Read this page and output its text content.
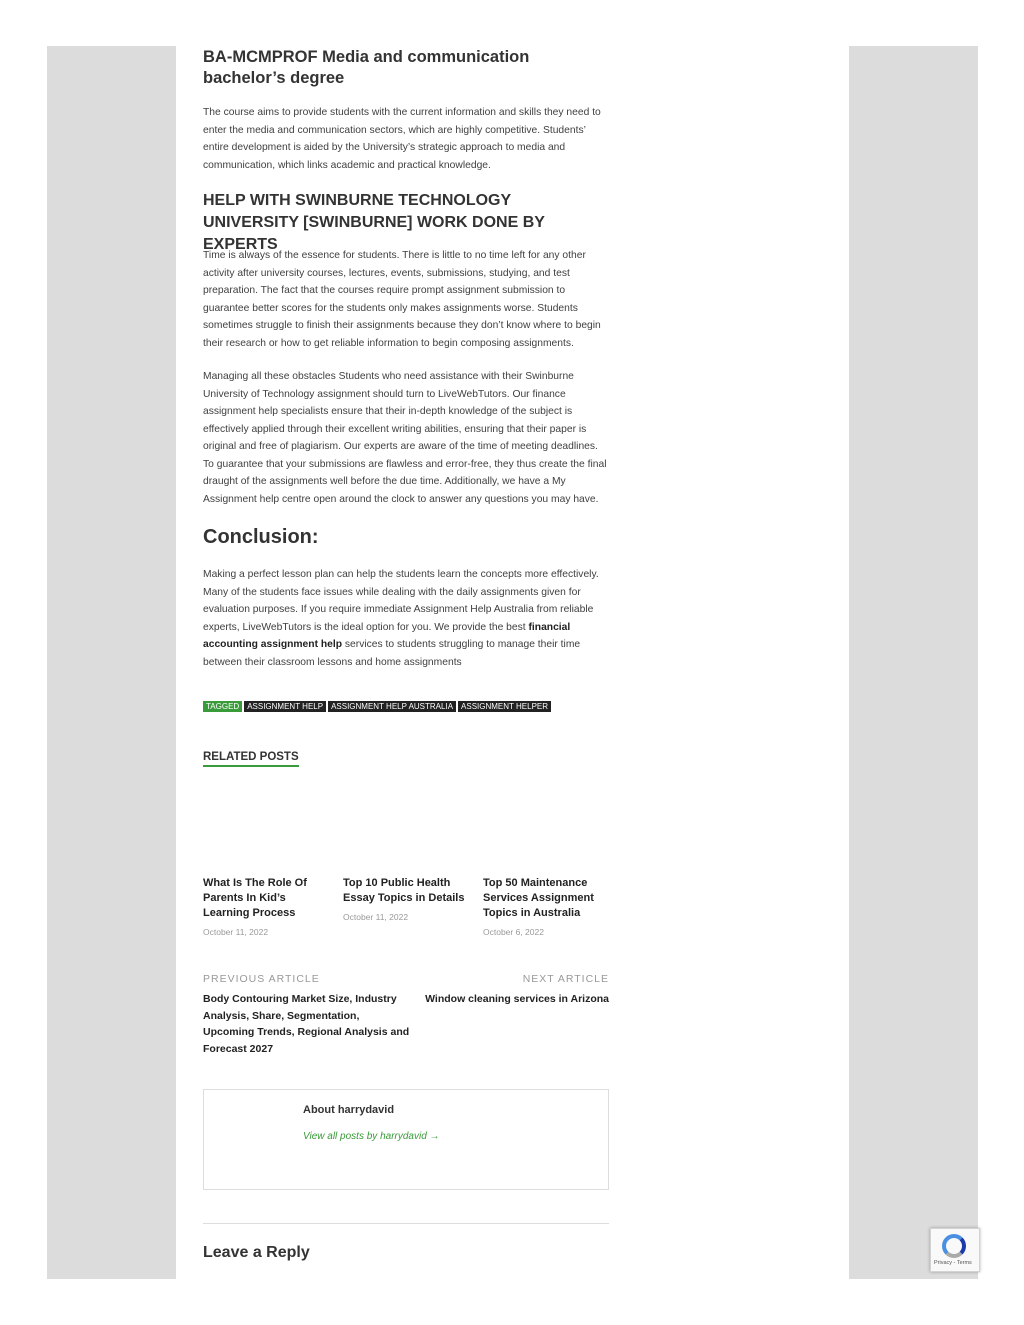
BA-MCMPROF Media and communication bachelor’s degree

The course aims to provide students with the current information and skills they need to enter the media and communication sectors, which are highly competitive. Students’ entire development is aided by the University’s strategic approach to media and communication, which links academic and practical knowledge.

HELP WITH SWINBURNE TECHNOLOGY UNIVERSITY [SWINBURNE] WORK DONE BY EXPERTS

Time is always of the essence for students. There is little to no time left for any other activity after university courses, lectures, events, submissions, studying, and test preparation. The fact that the courses require prompt assignment submission to guarantee better scores for the students only makes assignments worse. Students sometimes struggle to finish their assignments because they don’t know where to begin their research or how to get reliable information to begin composing assignments.

Managing all these obstacles Students who need assistance with their Swinburne University of Technology assignment should turn to LiveWebTutors. Our finance assignment help specialists ensure that their in-depth knowledge of the subject is effectively applied through their excellent writing abilities, ensuring that their paper is original and free of plagiarism. Our experts are aware of the time of meeting deadlines. To guarantee that your submissions are flawless and error-free, they thus create the final draught of the assignments well before the due time. Additionally, we have a My Assignment help centre open around the clock to answer any questions you may have.

Conclusion:

Making a perfect lesson plan can help the students learn the concepts more effectively. Many of the students face issues while dealing with the daily assignments given for evaluation purposes. If you require immediate Assignment Help Australia from reliable experts, LiveWebTutors is the ideal option for you. We provide the best financial accounting assignment help services to students struggling to manage their time between their classroom lessons and home assignments

TAGGED	ASSIGNMENT HELP	ASSIGNMENT HELP AUSTRALIA	ASSIGNMENT HELPER
RELATED POSTS
What Is The Role Of Parents In Kid’s Learning Process
October 11, 2022
Top 10 Public Health Essay Topics in Details
October 11, 2022
Top 50 Maintenance Services Assignment Topics in Australia
October 6, 2022
PREVIOUS ARTICLE
Body Contouring Market Size, Industry Analysis, Share, Segmentation, Upcoming Trends, Regional Analysis and Forecast 2027
NEXT ARTICLE
Window cleaning services in Arizona
About harrydavid
View all posts by harrydavid →
Leave a Reply
Privacy - Terms
